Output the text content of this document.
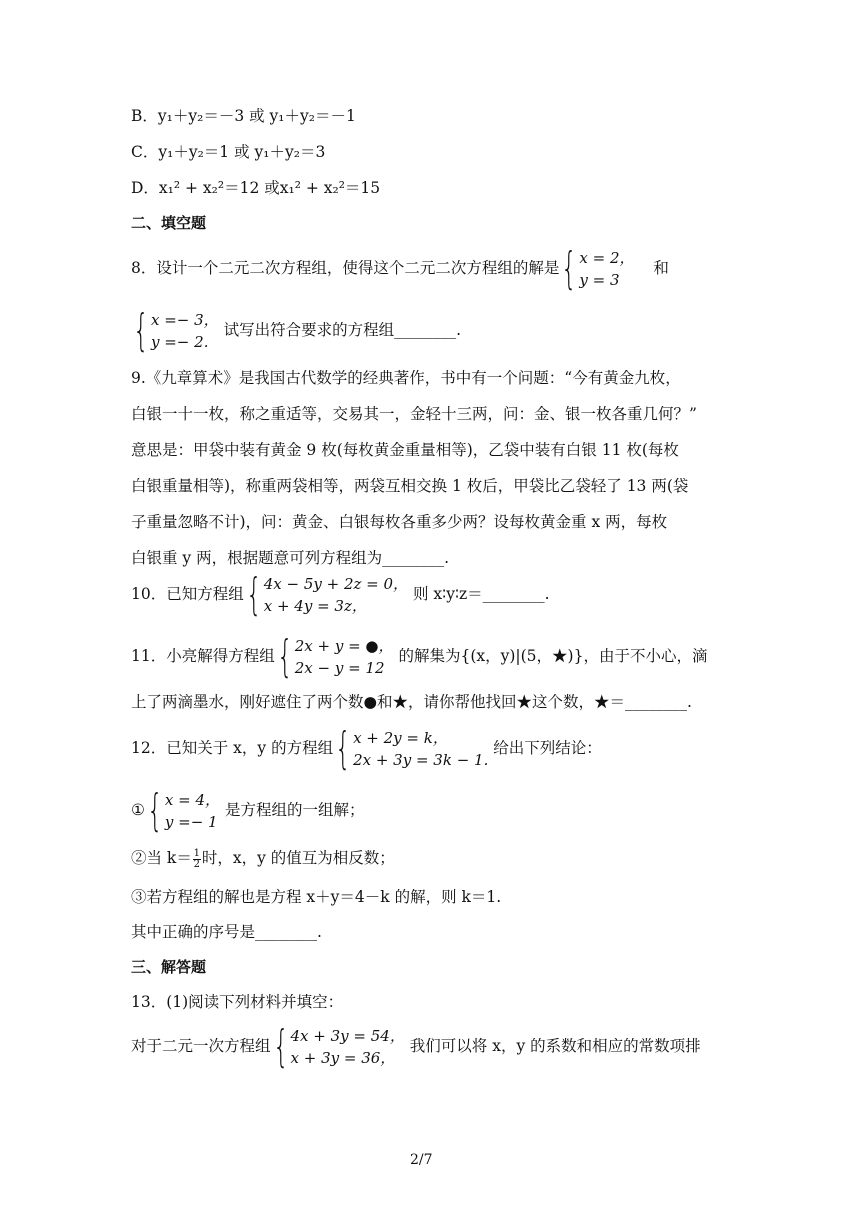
B．y₁＋y₂＝－3 或 y₁＋y₂＝－1
C．y₁＋y₂＝1 或 y₁＋y₂＝3
D．x₁² + x₂²＝12 或x₁² + x₂²＝15
二、填空题
8．设计一个二元二次方程组，使得这个二元二次方程组的解是 { x = 2，
y = 3
和
{ x =− 3，
y =− 2.
试写出符合要求的方程组________.
9.《九章算术》是我国古代数学的经典著作，书中有一个问题：“今有黄金九枚，
白银一十一枚，称之重适等，交易其一，金轻十三两，问：金、银一枚各重几何？”
意思是：甲袋中装有黄金 9 枚(每枚黄金重量相等)，乙袋中装有白银 11 枚(每枚
白银重量相等)，称重两袋相等，两袋互相交换 1 枚后，甲袋比乙袋轻了 13 两(袋
子重量忽略不计)，问：黄金、白银每枚各重多少两？设每枚黄金重 x 两，每枚
白银重 y 两，根据题意可列方程组为________.
10．已知方程组 { 4x − 5y + 2z = 0，
x + 4y = 3z，
则 x∶y∶z＝________.
11．小亮解得方程组 { 2x + y = ●，
2x − y = 12
的解集为{(x，y)|(5，★)}，由于不小心，滴
上了两滴墨水，刚好遮住了两个数●和★，请你帮他找回★这个数，★＝________.
12．已知关于 x，y 的方程组 { x + 2y = k，
2x + 3y = 3k − 1.
给出下列结论：
① { x = 4，
y =− 1
是方程组的一组解；
②当 $k= \frac{1}{2}$ 时，x，y 的值互为相反数；
③若方程组的解也是方程 x＋y＝4－k 的解，则 k＝1.
其中正确的序号是________.
三、解答题
13．(1)阅读下列材料并填空：
对于二元一次方程组 { 4x + 3y = 54，
x + 3y = 36，
我们可以将 x，y 的系数和相应的常数项排
2/7
